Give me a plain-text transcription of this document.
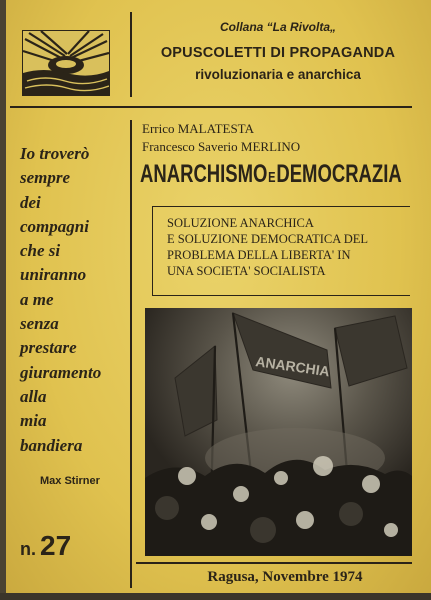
Collana “La Rivolta„
OPUSCOLETTI DI PROPAGANDA
rivoluzionaria e anarchica
Errico MALATESTA
Francesco Saverio MERLINO
ANARCHISMOEDEMOCRAZIA
SOLUZIONE ANARCHICA
E SOLUZIONE DEMOCRATICA DEL
PROBLEMA DELLA LIBERTA' IN
UNA SOCIETA' SOCIALISTA
Io troverò
sempre
dei
compagni
che si
uniranno
a me
senza
prestare
giuramento
alla
mia
bandiera
Max Stirner
n. 27
ANARCHIA
Ragusa, Novembre 1974
